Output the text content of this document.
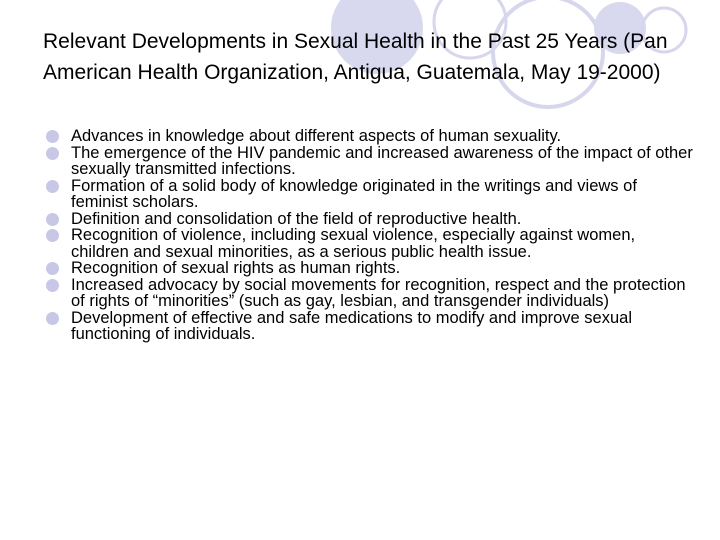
Relevant Developments in Sexual Health in the Past 25 Years (Pan American Health Organization, Antigua, Guatemala, May 19-2000)
Advances in knowledge about different aspects of human sexuality.
The emergence of the HIV pandemic and increased awareness of the impact of other sexually transmitted infections.
Formation of a solid body of knowledge originated in the writings and views of feminist scholars.
Definition and consolidation of the field of reproductive health.
Recognition of violence, including sexual violence, especially against women, children and sexual minorities, as a serious public health issue.
Recognition of sexual rights as human rights.
Increased advocacy by social movements for recognition, respect and the protection of rights of “minorities” (such as gay, lesbian, and transgender individuals)
Development of effective and safe medications to modify and improve sexual functioning of individuals.
